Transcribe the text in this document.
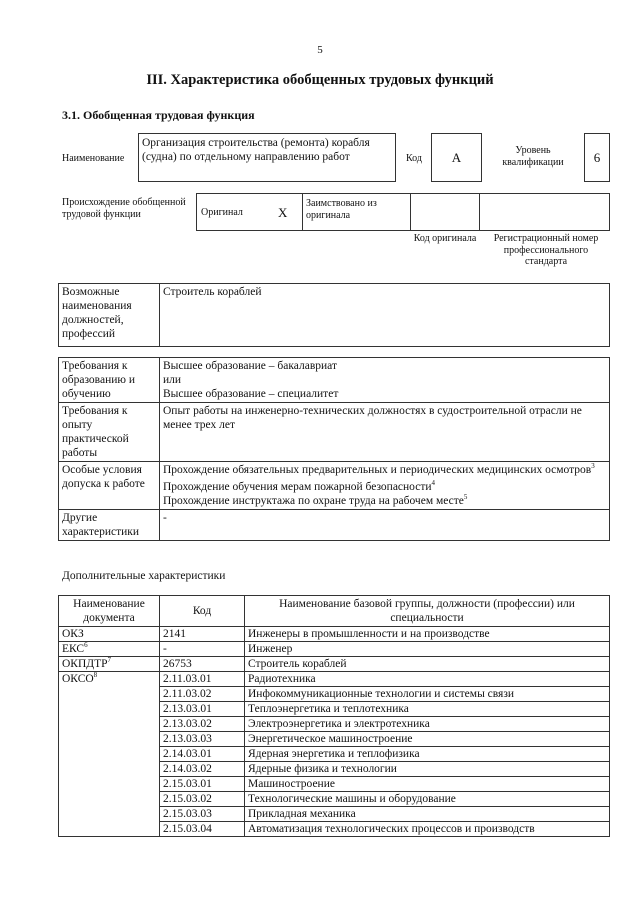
5
III. Характеристика обобщенных трудовых функций
3.1. Обобщенная трудовая функция
Наименование
Организация строительства (ремонта) корабля (судна) по отдельному направлению работ	Код	А	Уровень квалификации	6
Происхождение обобщенной трудовой функции	Оригинал	Х
Заимствовано из оригинала
Код оригинала	Регистрационный номер профессионального стандарта
Возможные наименования должностей, профессий	Строитель кораблей
Требования к образованию и обучению	Высшее образование – бакалавриат
или
Высшее образование – специалитет

Требования к опыту практической работы	Опыт работы на инженерно-технических должностях в судостроительной отрасли не менее трех лет

Особые условия допуска к работе	Прохождение обязательных предварительных и периодических медицинских осмотров$^3$
Прохождение обучения мерам пожарной безопасности$^4$
Прохождение инструктажа по охране труда на рабочем месте$^5$

Другие характеристики	-
Дополнительные характеристики
Наименование документа	Код	Наименование базовой группы, должности (профессии) или специальности
ОКЗ	2141	Инженеры в промышленности и на производстве
ЕКС$^6$	-	Инженер
ОКПДТР$^7$	26753	Строитель кораблей
ОКСО$^8$	2.11.03.01	Радиотехника
	2.11.03.02	Инфокоммуникационные технологии и системы связи
	2.13.03.01	Теплоэнергетика и теплотехника
	2.13.03.02	Электроэнергетика и электротехника
	2.13.03.03	Энергетическое машиностроение
	2.14.03.01	Ядерная энергетика и теплофизика
	2.14.03.02	Ядерные физика и технологии
	2.15.03.01	Машиностроение
	2.15.03.02	Технологические машины и оборудование
	2.15.03.03	Прикладная механика
	2.15.03.04	Автоматизация технологических процессов и производств
